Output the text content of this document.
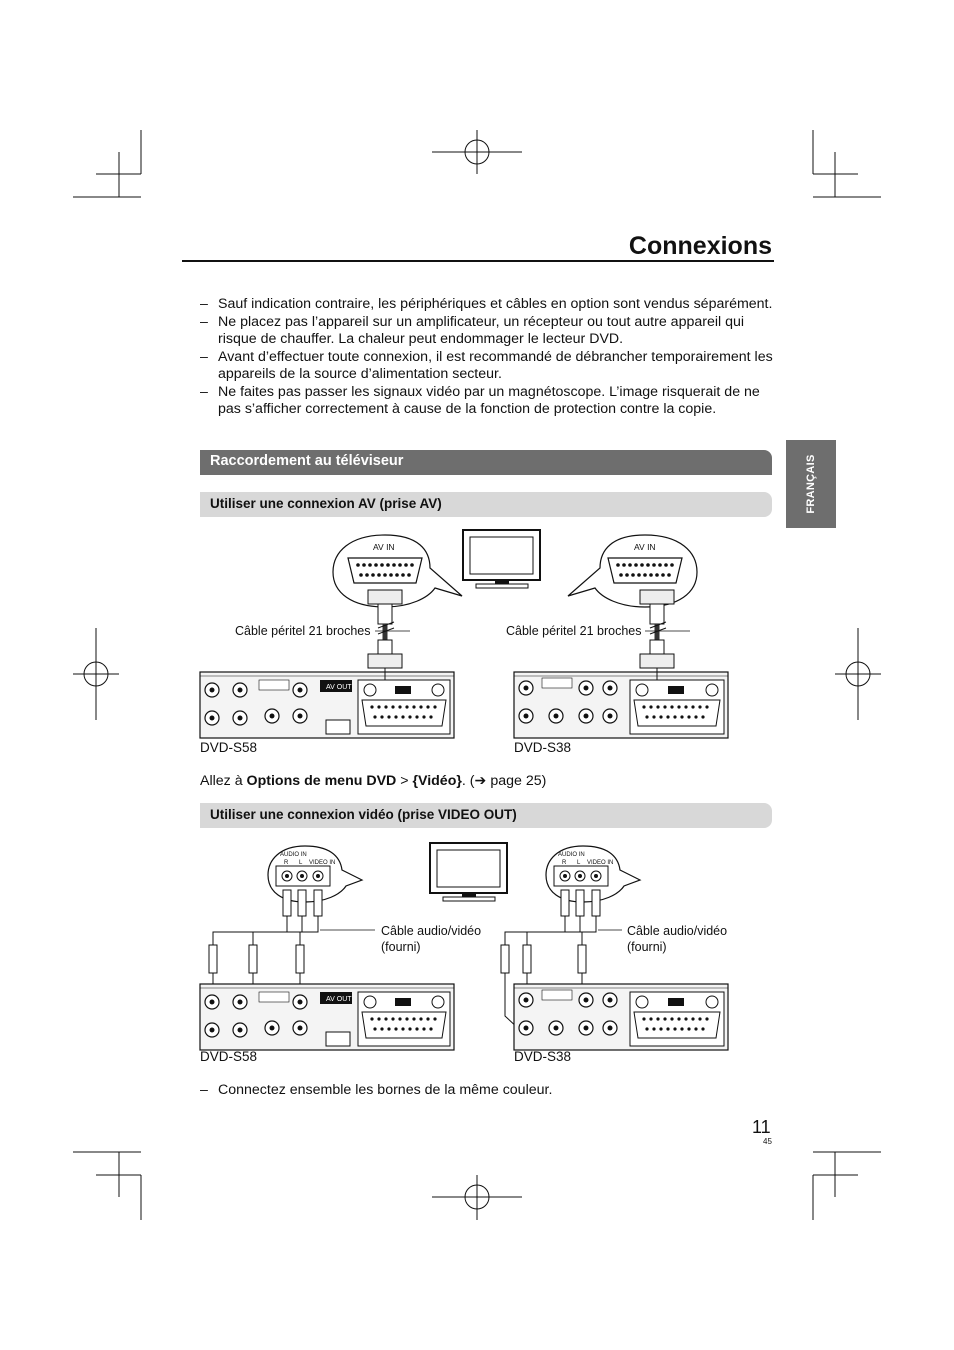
AV OUT
AV OUT
Connexions
FRANÇAIS
– Sauf indication contraire, les périphériques et câbles en option sont vendus séparément.
– Ne placez pas l’appareil sur un amplificateur, un récepteur ou tout autre appareil qui risque de chauffer. La chaleur peut endommager le lecteur DVD.
– Avant d’effectuer toute connexion, il est recommandé de débrancher temporairement les appareils de la source d’alimentation secteur.
– Ne faites pas passer les signaux vidéo par un magnétoscope. L’image risquerait de ne pas s’afficher correctement à cause de la fonction de protection contre la copie.
Raccordement au téléviseur
Utiliser une connexion AV (prise AV)
AV IN	AV IN
Câble péritel 21 broches	Câble péritel 21 broches
DVD-S58	DVD-S38
Allez à Options de menu DVD > {Vidéo}. (➔ page 25)
Utiliser une connexion vidéo (prise VIDEO OUT)
AUDIO IN
R L VIDEO IN
AUDIO IN
R L VIDEO IN
Câble audio/vidéo
(fourni)
Câble audio/vidéo
(fourni)
DVD-S58	DVD-S38
– Connectez ensemble les bornes de la même couleur.
11
45
